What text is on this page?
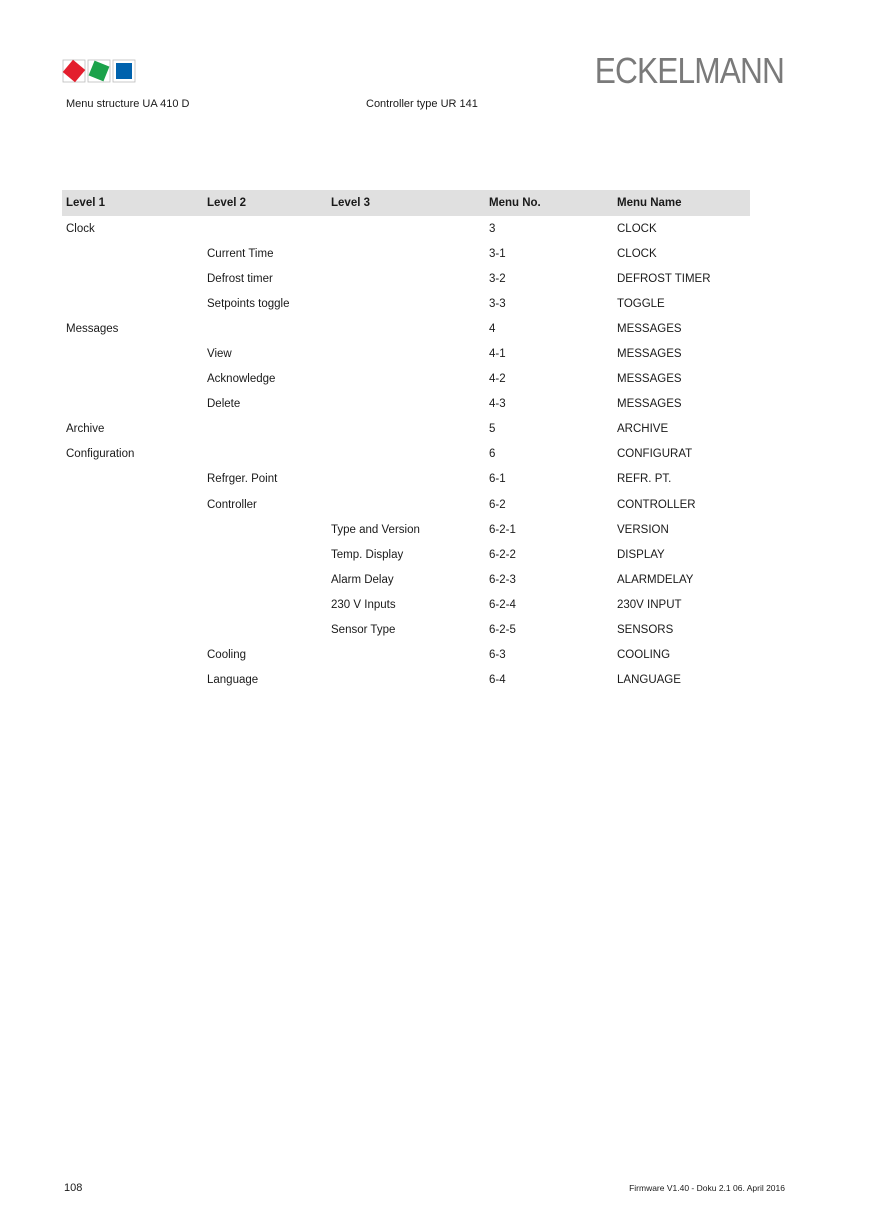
ECKELMANN
Menu structure UA 410 D	Controller type UR 141
Level 1	Level 2	Level 3	Menu No.	Menu Name
Clock			3	CLOCK
	Current Time		3-1	CLOCK
	Defrost timer		3-2	DEFROST TIMER
	Setpoints toggle		3-3	TOGGLE
Messages			4	MESSAGES
	View		4-1	MESSAGES
	Acknowledge		4-2	MESSAGES
	Delete		4-3	MESSAGES
Archive			5	ARCHIVE
Configuration			6	CONFIGURAT
	Refrger. Point		6-1	REFR. PT.
	Controller		6-2	CONTROLLER
		Type and Version	6-2-1	VERSION
		Temp. Display	6-2-2	DISPLAY
		Alarm Delay	6-2-3	ALARMDELAY
		230 V Inputs	6-2-4	230V INPUT
		Sensor Type	6-2-5	SENSORS
	Cooling		6-3	COOLING
	Language		6-4	LANGUAGE
108	Firmware V1.40 - Doku 2.1 06. April 2016
